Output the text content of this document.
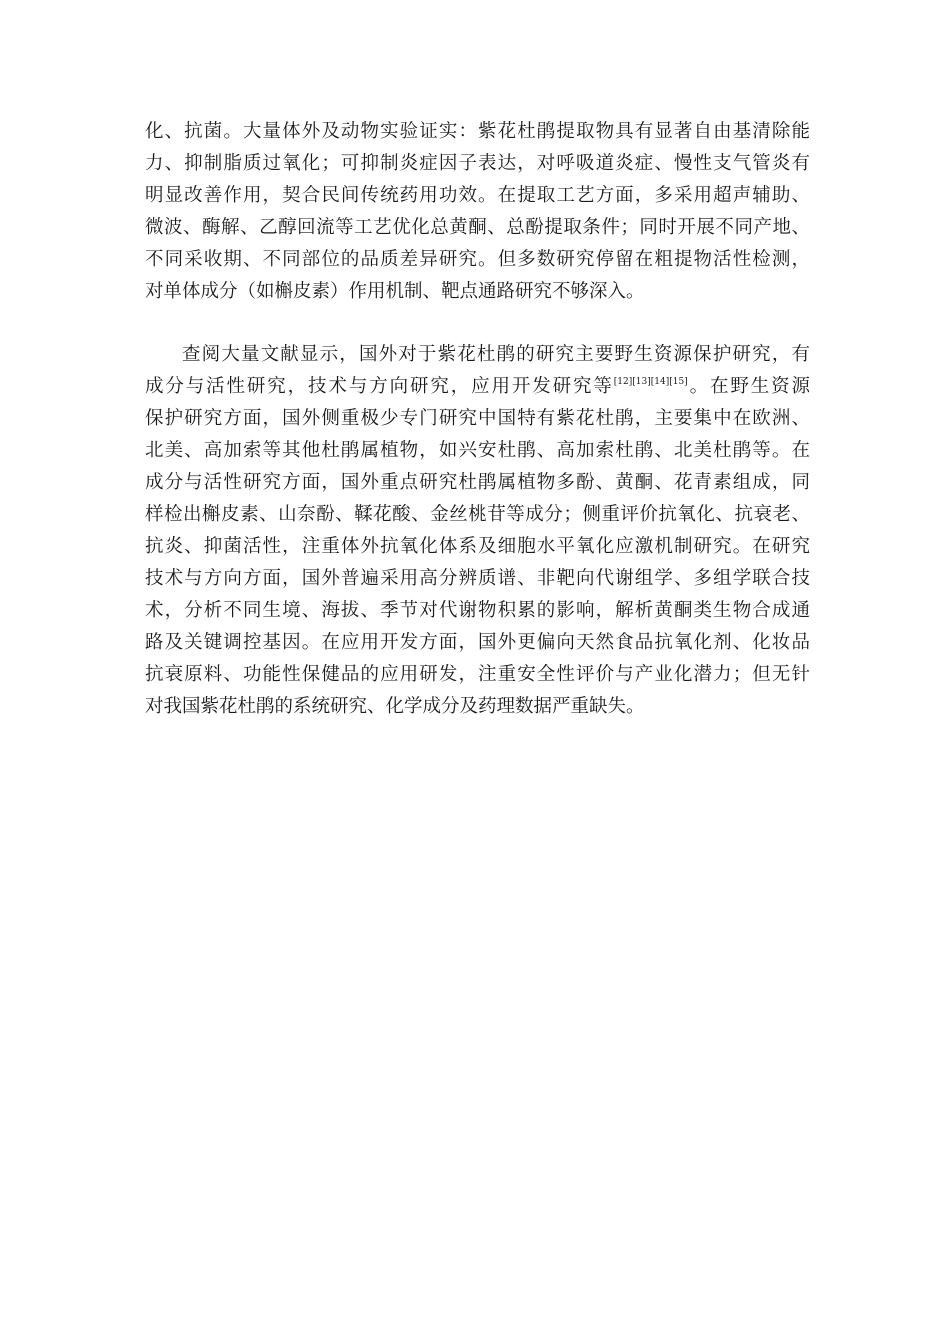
化、抗菌。大量体外及动物实验证实：紫花杜鹃提取物具有显著自由基清除能
力、抑制脂质过氧化；可抑制炎症因子表达，对呼吸道炎症、慢性支气管炎有
明显改善作用，契合民间传统药用功效。在提取工艺方面，多采用超声辅助、
微波、酶解、乙醇回流等工艺优化总黄酮、总酚提取条件；同时开展不同产地、
不同采收期、不同部位的品质差异研究。但多数研究停留在粗提物活性检测，
对单体成分（如槲皮素）作用机制、靶点通路研究不够深入。
查阅大量文献显示，国外对于紫花杜鹃的研究主要野生资源保护研究，有
成分与活性研究，技术与方向研究，应用开发研究等[12][13][14][15]。在野生资源
保护研究方面，国外侧重极少专门研究中国特有紫花杜鹃，主要集中在欧洲、
北美、高加索等其他杜鹃属植物，如兴安杜鹃、高加索杜鹃、北美杜鹃等。在
成分与活性研究方面，国外重点研究杜鹃属植物多酚、黄酮、花青素组成，同
样检出槲皮素、山奈酚、鞣花酸、金丝桃苷等成分；侧重评价抗氧化、抗衰老、
抗炎、抑菌活性，注重体外抗氧化体系及细胞水平氧化应激机制研究。在研究
技术与方向方面，国外普遍采用高分辨质谱、非靶向代谢组学、多组学联合技
术，分析不同生境、海拔、季节对代谢物积累的影响，解析黄酮类生物合成通
路及关键调控基因。在应用开发方面，国外更偏向天然食品抗氧化剂、化妆品
抗衰原料、功能性保健品的应用研发，注重安全性评价与产业化潜力；但无针
对我国紫花杜鹃的系统研究、化学成分及药理数据严重缺失。
